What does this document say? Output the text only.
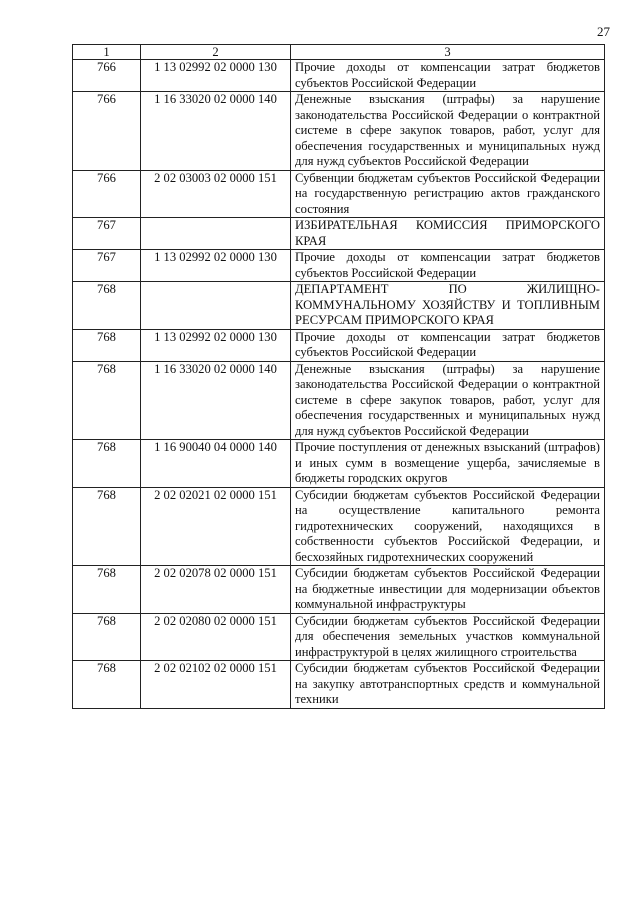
27
1	2	3
766	1 13 02992 02 0000 130	Прочие доходы от компенсации затрат бюджетов субъектов Российской Федерации
766	1 16 33020 02 0000 140	Денежные взыскания (штрафы) за нарушение законодательства Российской Федерации о контрактной системе в сфере закупок товаров, работ, услуг для обеспечения государственных и муниципальных нужд для нужд субъектов Российской Федерации
766	2 02 03003 02 0000 151	Субвенции бюджетам субъектов Российской Федерации на государственную регистрацию актов гражданского состояния
767		ИЗБИРАТЕЛЬНАЯ КОМИССИЯ ПРИМОРСКОГО КРАЯ
767	1 13 02992 02 0000 130	Прочие доходы от компенсации затрат бюджетов субъектов Российской Федерации
768		ДЕПАРТАМЕНТ ПО ЖИЛИЩНО-КОММУНАЛЬНОМУ ХОЗЯЙСТВУ И ТОПЛИВНЫМ РЕСУРСАМ ПРИМОРСКОГО КРАЯ
768	1 13 02992 02 0000 130	Прочие доходы от компенсации затрат бюджетов субъектов Российской Федерации
768	1 16 33020 02 0000 140	Денежные взыскания (штрафы) за нарушение законодательства Российской Федерации о контрактной системе в сфере закупок товаров, работ, услуг для обеспечения государственных и муниципальных нужд для нужд субъектов Российской Федерации
768	1 16 90040 04 0000 140	Прочие поступления от денежных взысканий (штрафов) и иных сумм в возмещение ущерба, зачисляемые в бюджеты городских округов
768	2 02 02021 02 0000 151	Субсидии бюджетам субъектов Российской Федерации на осуществление капитального ремонта гидротехнических сооружений, находящихся в собственности субъектов Российской Федерации, и бесхозяйных гидротехнических сооружений
768	2 02 02078 02 0000 151	Субсидии бюджетам субъектов Российской Федерации на бюджетные инвестиции для модернизации объектов коммунальной инфраструктуры
768	2 02 02080 02 0000 151	Субсидии бюджетам субъектов Российской Федерации для обеспечения земельных участков коммунальной инфраструктурой в целях жилищного строительства
768	2 02 02102 02 0000 151	Субсидии бюджетам субъектов Российской Федерации на закупку автотранспортных средств и коммунальной техники
